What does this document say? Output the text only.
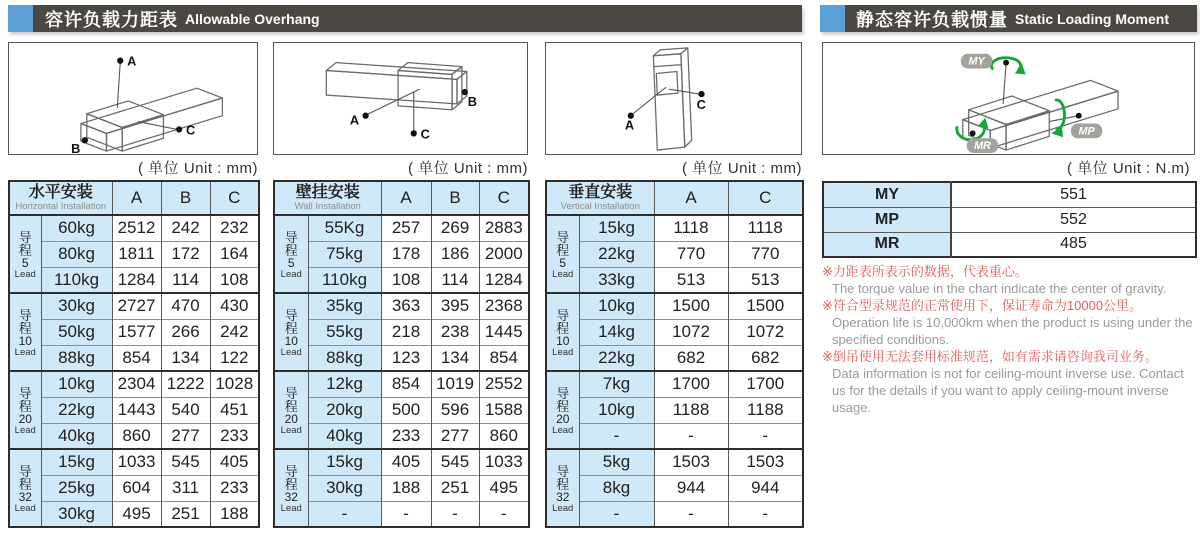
容许负载力距表 Allowable Overhang	静态容许负载惯量 Static Loading Moment
A
B
C
B
A
C
A
C
MY
MP
MR
( 单位 Unit : mm)	( 单位 Unit : mm)	( 单位 Unit : mm)	( 单位 Unit : N.m)
水平安装
Horizontal Installation		A	B	C

导
程
5
Lead	60kg	2512	242	232
	80kg	1811	172	164
	110kg	1284	114	108

导
程
10
Lead	30kg	2727	470	430
	50kg	1577	266	242
	88kg	854	134	122

导
程
20
Lead	10kg	2304	1222	1028
	22kg	1443	540	451
	40kg	860	277	233

导
程
32
Lead	15kg	1033	545	405
	25kg	604	311	233
	30kg	495	251	188
壁挂安装
Wall Installation		A	B	C

导
程
5
Lead	55Kg	257	269	2883
	75kg	178	186	2000
	110kg	108	114	1284

导
程
10
Lead	35kg	363	395	2368
	55kg	218	238	1445
	88kg	123	134	854

导
程
20
Lead	12kg	854	1019	2552
	20kg	500	596	1588
	40kg	233	277	860

导
程
32
Lead	15kg	405	545	1033
	30kg	188	251	495
	-	-	-	-
垂直安装
Vertical Installation		A	C

导
程
5
Lead	15kg	1118	1118
	22kg	770	770
	33kg	513	513

导
程
10
Lead	10kg	1500	1500
	14kg	1072	1072
	22kg	682	682

导
程
20
Lead	7kg	1700	1700
	10kg	1188	1188
	-	-	-

导
程
32
Lead	5kg	1503	1503
	8kg	944	944
	-	-	-
MY	551
MP	552
MR	485
※力距表所表示的数据，代表重心。
The torque value in the chart indicate the center of gravity.
※符合型录规范的正常使用下，保证寿命为10000公里。
Operation life is 10,000km when the product is using under the specified conditions.
※倒吊使用无法套用标准规范，如有需求请咨询我司业务。
Data information is not for ceiling-mount inverse use. Contact us for the details if you want to apply ceiling-mount inverse usage.
